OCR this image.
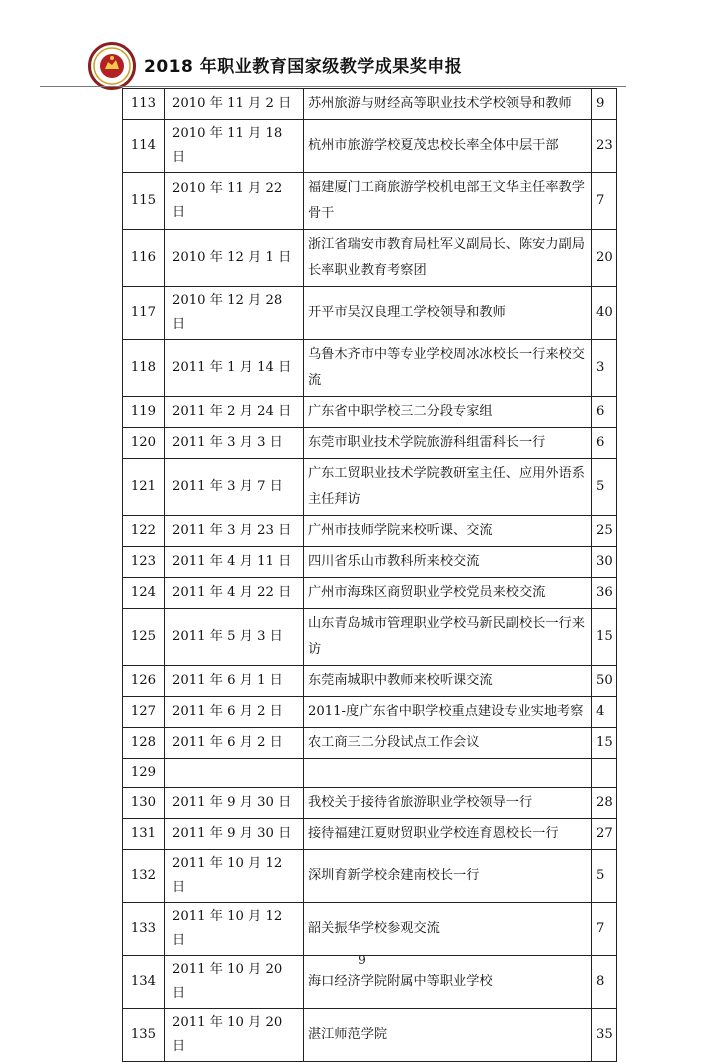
2018 年职业教育国家级教学成果奖申报
113	2010 年 11 月 2 日	苏州旅游与财经高等职业技术学校领导和教师	9
114	2010 年 11 月 18 日	杭州市旅游学校夏茂忠校长率全体中层干部	23
115	2010 年 11 月 22 日	福建厦门工商旅游学校机电部王文华主任率教学骨干	7
116	2010 年 12 月 1 日	浙江省瑞安市教育局杜军义副局长、陈安力副局长率职业教育考察团	20
117	2010 年 12 月 28 日	开平市吴汉良理工学校领导和教师	40
118	2011 年 1 月 14 日	乌鲁木齐市中等专业学校周冰冰校长一行来校交流	3
119	2011 年 2 月 24 日	广东省中职学校三二分段专家组	6
120	2011 年 3 月 3 日	东莞市职业技术学院旅游科组雷科长一行	6
121	2011 年 3 月 7 日	广东工贸职业技术学院教研室主任、应用外语系主任拜访	5
122	2011 年 3 月 23 日	广州市技师学院来校听课、交流	25
123	2011 年 4 月 11 日	四川省乐山市教科所来校交流	30
124	2011 年 4 月 22 日	广州市海珠区商贸职业学校党员来校交流	36
125	2011 年 5 月 3 日	山东青岛城市管理职业学校马新民副校长一行来访	15
126	2011 年 6 月 1 日	东莞南城职中教师来校听课交流	50
127	2011 年 6 月 2 日	2011-度广东省中职学校重点建设专业实地考察	4
128	2011 年 6 月 2 日	农工商三二分段试点工作会议	15
129			
130	2011 年 9 月 30 日	我校关于接待省旅游职业学校领导一行	28
131	2011 年 9 月 30 日	接待福建江夏财贸职业学校连育恩校长一行	27
132	2011 年 10 月 12 日	深圳育新学校余建南校长一行	5
133	2011 年 10 月 12 日	韶关振华学校参观交流	7
134	2011 年 10 月 20 日	海口经济学院附属中等职业学校	8
135	2011 年 10 月 20 日	湛江师范学院	35
9
